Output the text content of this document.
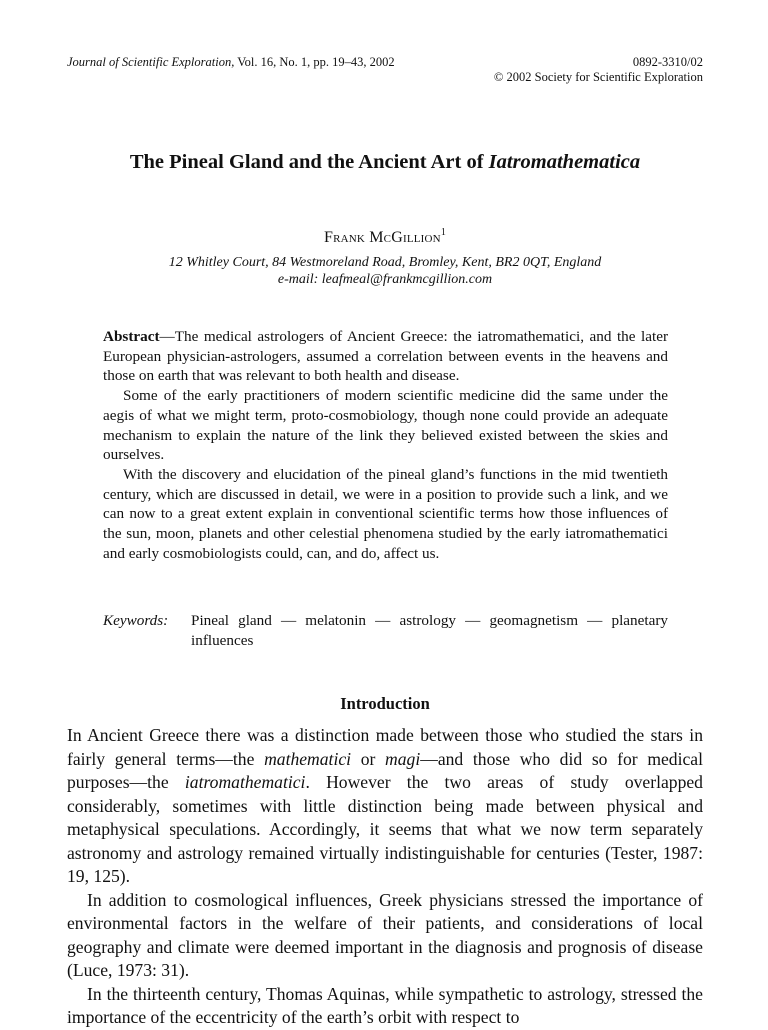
Journal of Scientific Exploration, Vol. 16, No. 1, pp. 19–43, 2002	0892-3310/02
© 2002 Society for Scientific Exploration
The Pineal Gland and the Ancient Art of Iatromathematica
Frank McGillion$^1$
12 Whitley Court, 84 Westmoreland Road, Bromley, Kent, BR2 0QT, England
e-mail: leafmeal@frankmcgillion.com

Abstract—The medical astrologers of Ancient Greece: the iatromathematici, and the later European physician-astrologers, assumed a correlation between events in the heavens and those on earth that was relevant to both health and disease.

Some of the early practitioners of modern scientific medicine did the same under the aegis of what we might term, proto-cosmobiology, though none could provide an adequate mechanism to explain the nature of the link they believed existed between the skies and ourselves.

With the discovery and elucidation of the pineal gland’s functions in the mid twentieth century, which are discussed in detail, we were in a position to provide such a link, and we can now to a great extent explain in conventional scientific terms how those influences of the sun, moon, planets and other celestial phenomena studied by the early iatromathematici and early cosmobiologists could, can, and do, affect us.

Keywords: Pineal gland — melatonin — astrology — geomagnetism — planetary influences
Introduction

In Ancient Greece there was a distinction made between those who studied the stars in fairly general terms—the mathematici or magi—and those who did so for medical purposes—the iatromathematici. However the two areas of study overlapped considerably, sometimes with little distinction being made between physical and metaphysical speculations. Accordingly, it seems that what we now term separately astronomy and astrology remained virtually indistinguishable for centuries (Tester, 1987: 19, 125).

In addition to cosmological influences, Greek physicians stressed the importance of environmental factors in the welfare of their patients, and considerations of local geography and climate were deemed important in the diagnosis and prognosis of disease (Luce, 1973: 31).

In the thirteenth century, Thomas Aquinas, while sympathetic to astrology, stressed the importance of the eccentricity of the earth’s orbit with respect to
